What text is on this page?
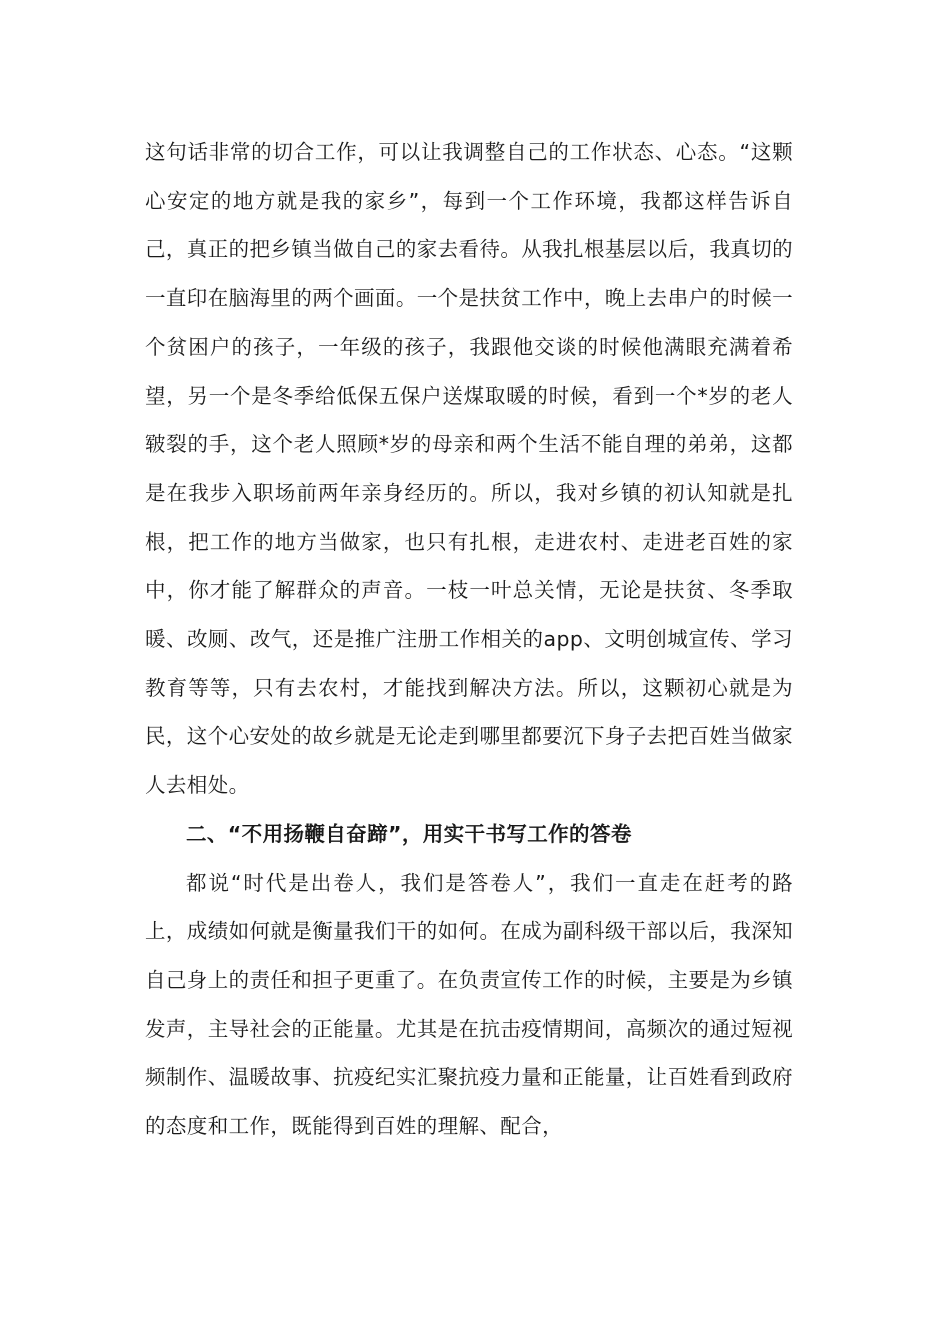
这句话非常的切合工作，可以让我调整自己的工作状态、心态。“这颗心安定的地方就是我的家乡”，每到一个工作环境，我都这样告诉自己，真正的把乡镇当做自己的家去看待。从我扎根基层以后，我真切的一直印在脑海里的两个画面。一个是扶贫工作中，晚上去串户的时候一个贫困户的孩子，一年级的孩子，我跟他交谈的时候他满眼充满着希望，另一个是冬季给低保五保户送煤取暖的时候，看到一个*岁的老人皲裂的手，这个老人照顾*岁的母亲和两个生活不能自理的弟弟，这都是在我步入职场前两年亲身经历的。所以，我对乡镇的初认知就是扎根，把工作的地方当做家，也只有扎根，走进农村、走进老百姓的家中，你才能了解群众的声音。一枝一叶总关情，无论是扶贫、冬季取暖、改厕、改气，还是推广注册工作相关的app、文明创城宣传、学习教育等等，只有去农村，才能找到解决方法。所以，这颗初心就是为民，这个心安处的故乡就是无论走到哪里都要沉下身子去把百姓当做家人去相处。

二、“不用扬鞭自奋蹄”，用实干书写工作的答卷

都说“时代是出卷人，我们是答卷人”，我们一直走在赶考的路上，成绩如何就是衡量我们干的如何。在成为副科级干部以后，我深知自己身上的责任和担子更重了。在负责宣传工作的时候，主要是为乡镇发声，主导社会的正能量。尤其是在抗击疫情期间，高频次的通过短视频制作、温暖故事、抗疫纪实汇聚抗疫力量和正能量，让百姓看到政府的态度和工作，既能得到百姓的理解、配合，
